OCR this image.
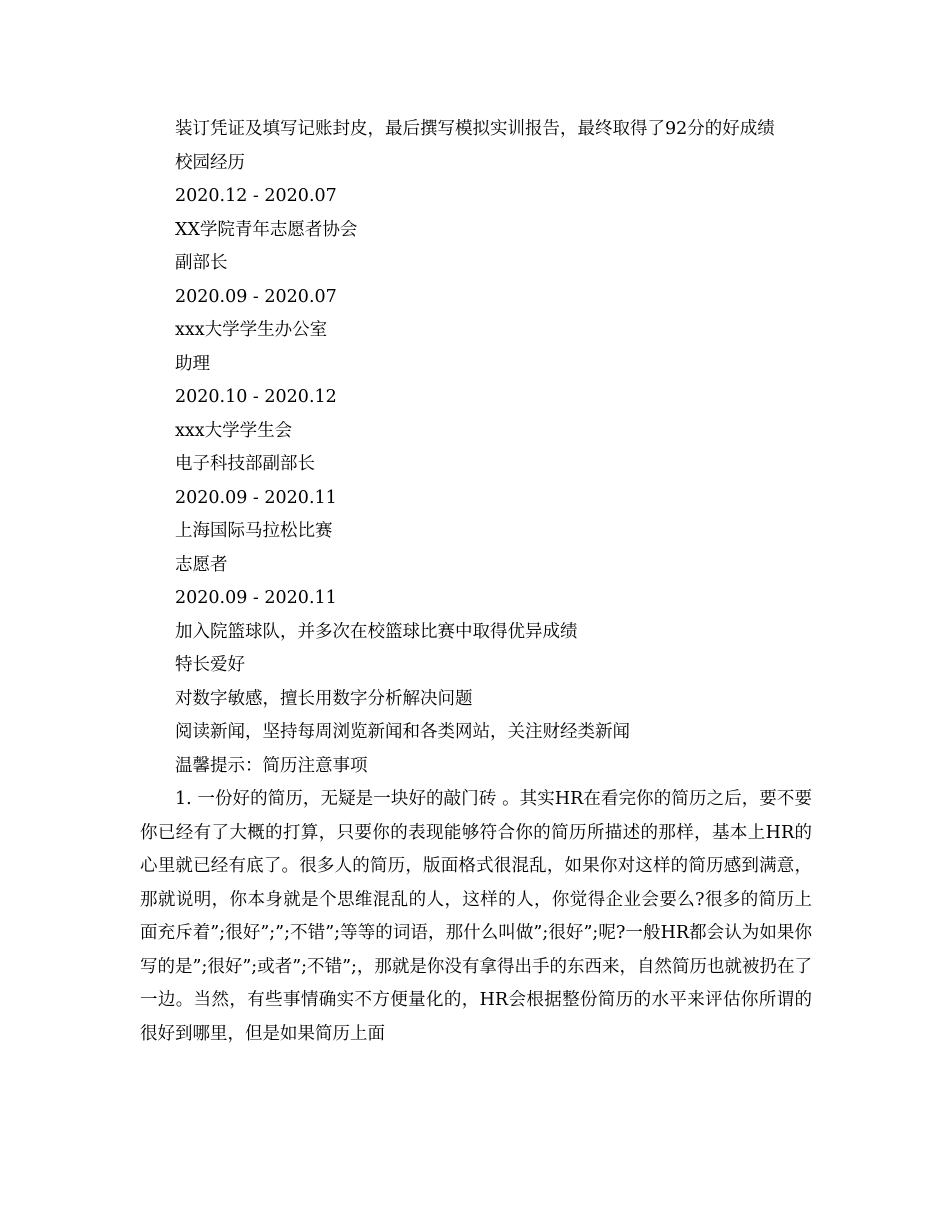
装订凭证及填写记账封皮，最后撰写模拟实训报告，最终取得了92分的好成绩

校园经历
2020.12 - 2020.07
XX学院青年志愿者协会
副部长
2020.09 - 2020.07
xxx大学学生办公室
助理
2020.10 - 2020.12
xxx大学学生会
电子科技部副部长
2020.09 - 2020.11
上海国际马拉松比赛
志愿者
2020.09 - 2020.11
加入院篮球队，并多次在校篮球比赛中取得优异成绩
特长爱好
对数字敏感，擅长用数字分析解决问题
阅读新闻，坚持每周浏览新闻和各类网站，关注财经类新闻
温馨提示：简历注意事项

1. 一份好的简历，无疑是一块好的敲门砖 。其实HR在看完你的简历之后，要不要你已经有了大概的打算，只要你的表现能够符合你的简历所描述的那样，基本上HR的心里就已经有底了。很多人的简历，版面格式很混乱，如果你对这样的简历感到满意，那就说明，你本身就是个思维混乱的人，这样的人，你觉得企业会要么?很多的简历上面充斥着”;很好”;”;不错”;等等的词语，那什么叫做”;很好”;呢?一般HR都会认为如果你写的是”;很好”;或者”;不错”;，那就是你没有拿得出手的东西来，自然简历也就被扔在了一边。当然，有些事情确实不方便量化的，HR会根据整份简历的水平来评估你所谓的很好到哪里，但是如果简历上面
